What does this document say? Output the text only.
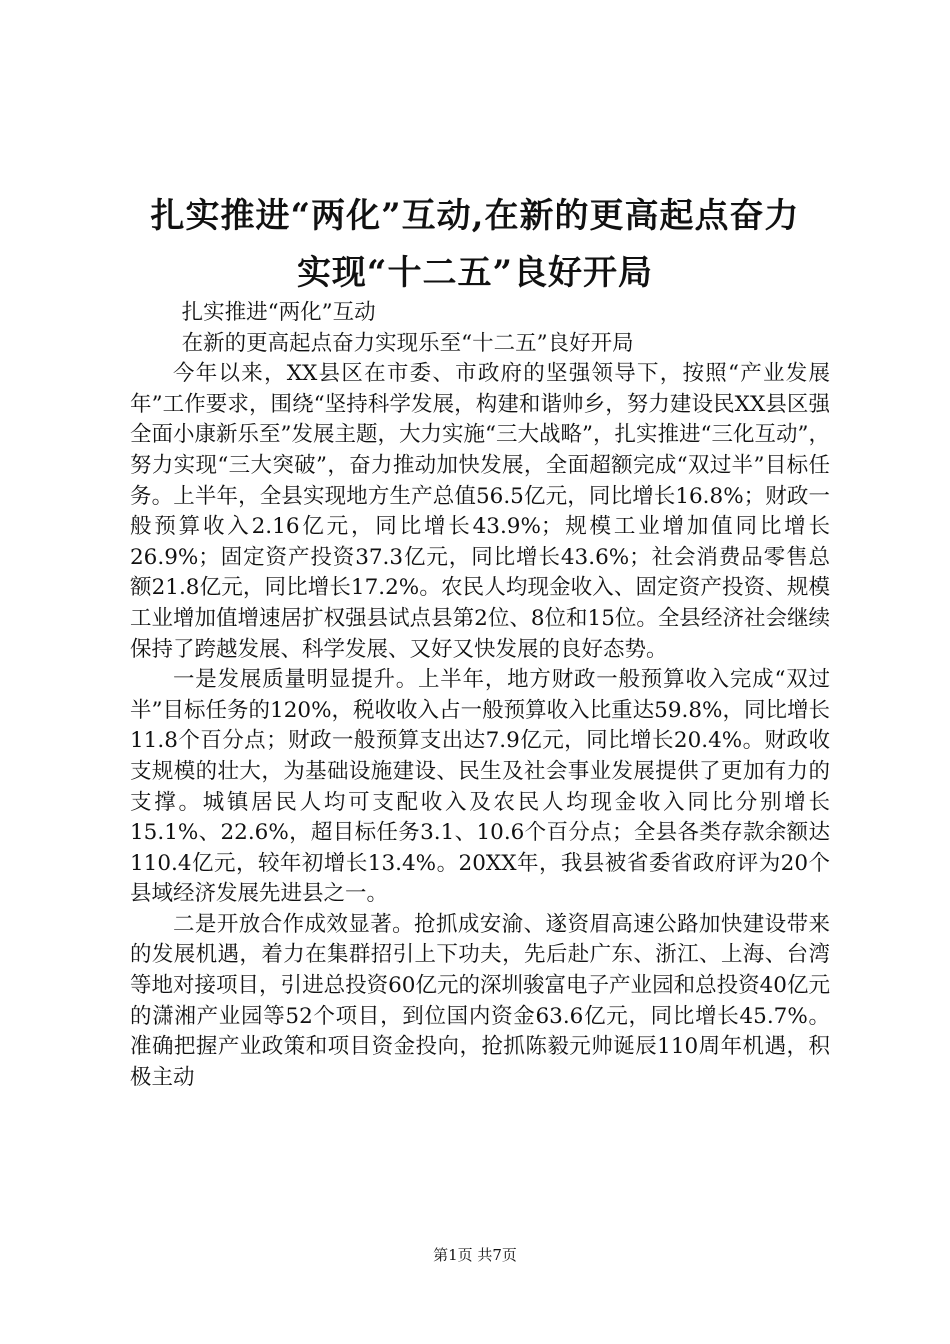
扎实推进“两化”互动,在新的更高起点奋力
实现“十二五”良好开局

扎实推进“两化”互动

在新的更高起点奋力实现乐至“十二五”良好开局

今年以来，XX县区在市委、市政府的坚强领导下，按照“产业发展年”工作要求，围绕“坚持科学发展，构建和谐帅乡，努力建设民XX县区强全面小康新乐至”发展主题，大力实施“三大战略”，扎实推进“三化互动”，努力实现“三大突破”，奋力推动加快发展，全面超额完成“双过半”目标任务。上半年，全县实现地方生产总值56.5亿元，同比增长16.8%；财政一般预算收入2.16亿元，同比增长43.9%；规模工业增加值同比增长26.9%；固定资产投资37.3亿元，同比增长43.6%；社会消费品零售总额21.8亿元，同比增长17.2%。农民人均现金收入、固定资产投资、规模工业增加值增速居扩权强县试点县第2位、8位和15位。全县经济社会继续保持了跨越发展、科学发展、又好又快发展的良好态势。

一是发展质量明显提升。上半年，地方财政一般预算收入完成“双过半”目标任务的120%，税收收入占一般预算收入比重达59.8%，同比增长11.8个百分点；财政一般预算支出达7.9亿元，同比增长20.4%。财政收支规模的壮大，为基础设施建设、民生及社会事业发展提供了更加有力的支撑。城镇居民人均可支配收入及农民人均现金收入同比分别增长15.1%、22.6%，超目标任务3.1、10.6个百分点；全县各类存款余额达110.4亿元，较年初增长13.4%。20XX年，我县被省委省政府评为20个县域经济发展先进县之一。

二是开放合作成效显著。抢抓成安渝、遂资眉高速公路加快建设带来的发展机遇，着力在集群招引上下功夫，先后赴广东、浙江、上海、台湾等地对接项目，引进总投资60亿元的深圳骏富电子产业园和总投资40亿元的潇湘产业园等52个项目，到位国内资金63.6亿元，同比增长45.7%。准确把握产业政策和项目资金投向，抢抓陈毅元帅诞辰110周年机遇，积极主动

第1页 共7页
